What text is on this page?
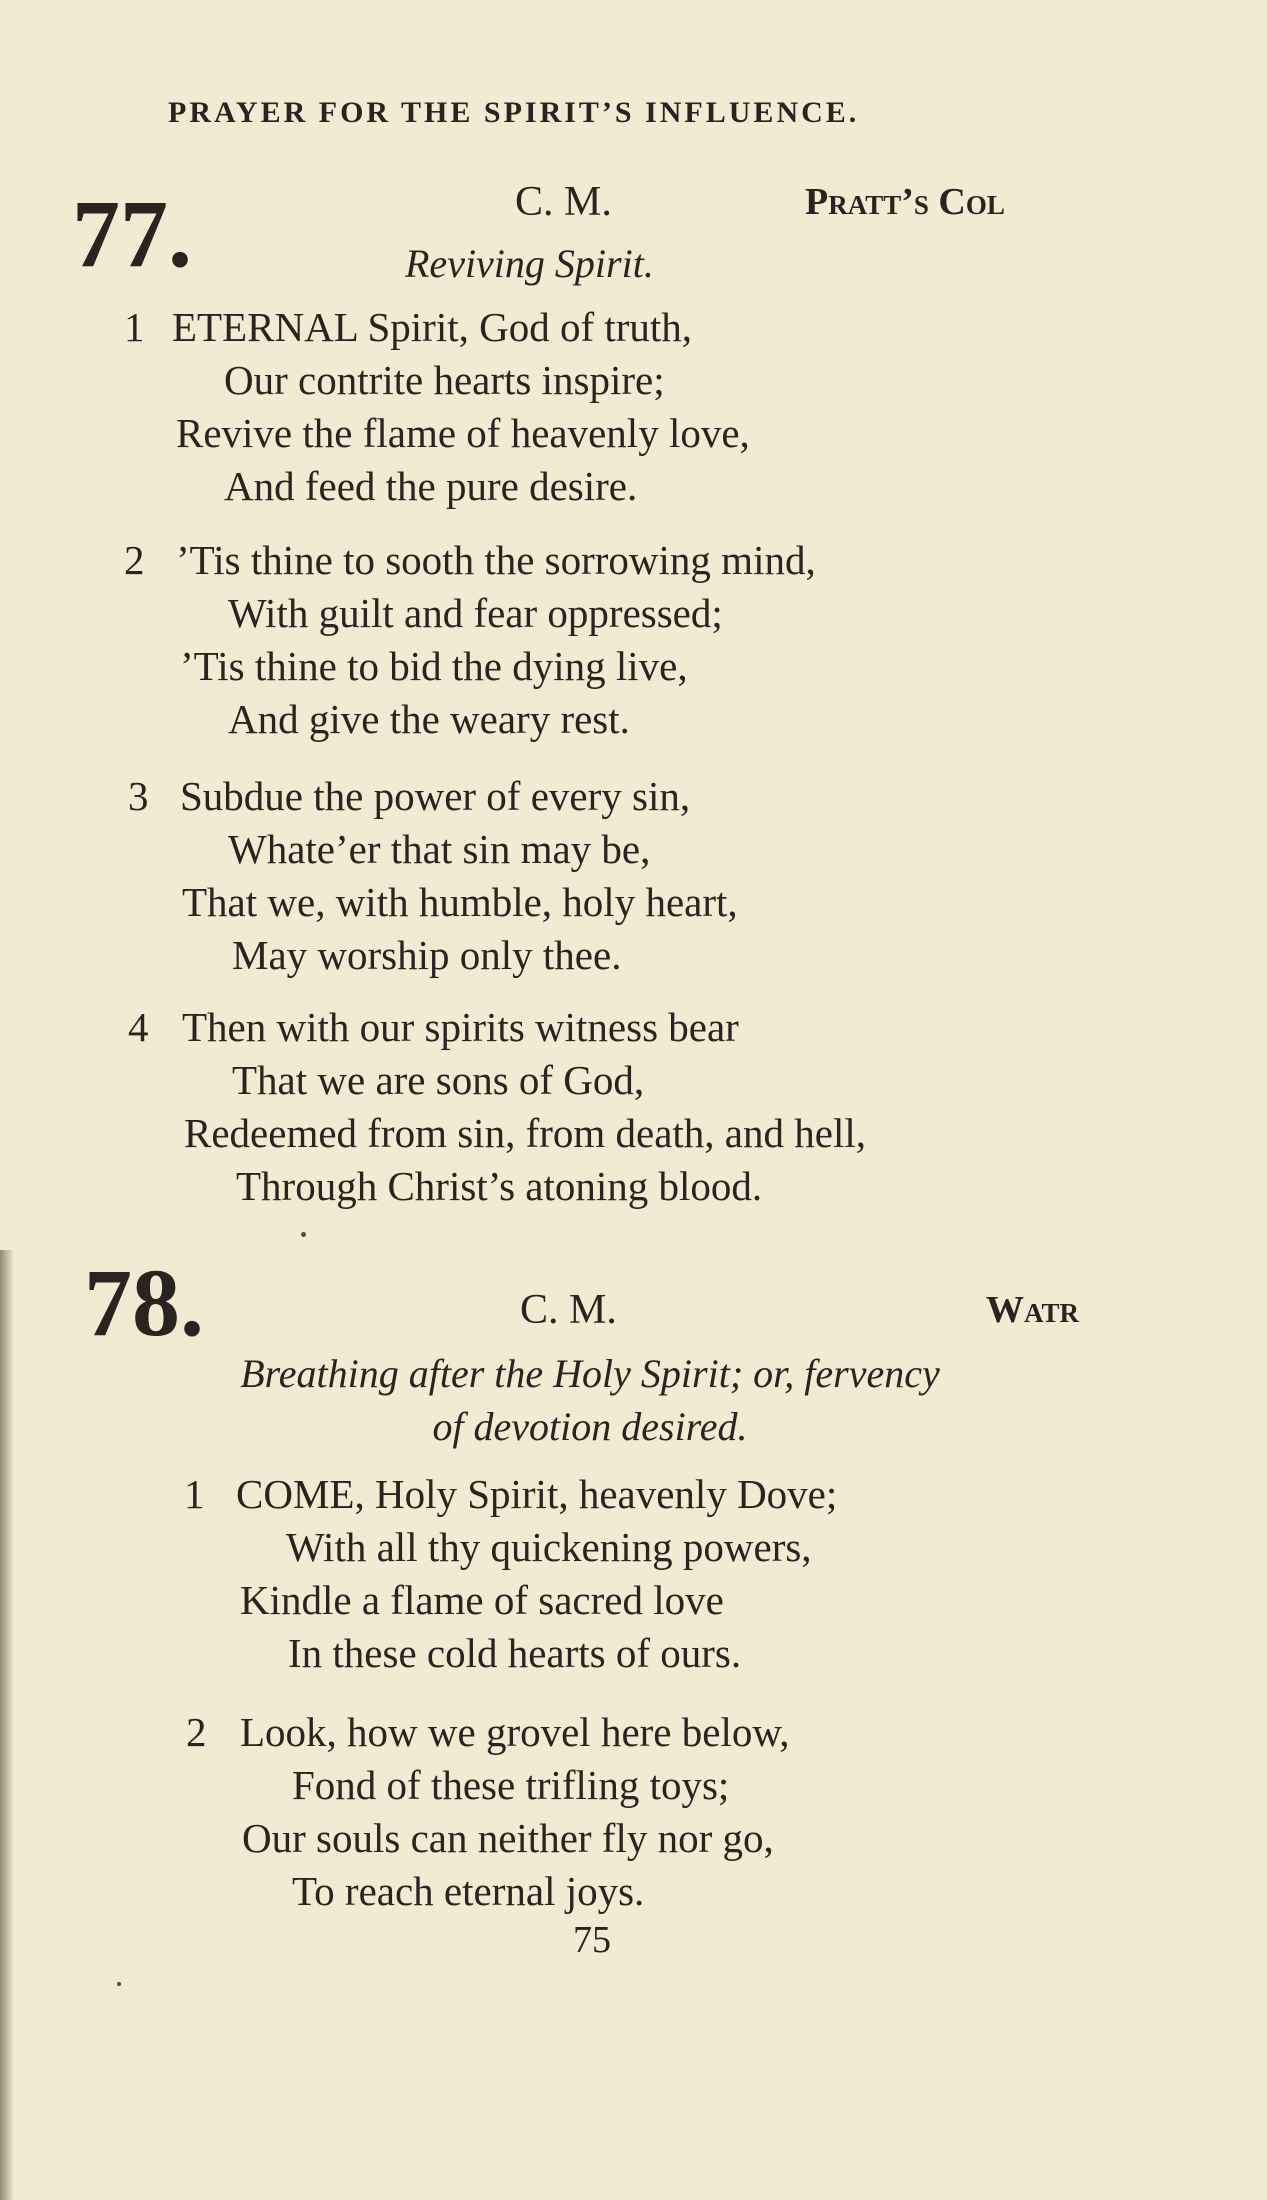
PRAYER FOR THE SPIRIT’S INFLUENCE.
77.	C. M.	Pratt’s Col
Reviving Spirit.
1 ETERNAL Spirit, God of truth,
Our contrite hearts inspire;
Revive the flame of heavenly love,
And feed the pure desire.
2 ’Tis thine to sooth the sorrowing mind,
With guilt and fear oppressed;
’Tis thine to bid the dying live,
And give the weary rest.
3 Subdue the power of every sin,
Whate’er that sin may be,
That we, with humble, holy heart,
May worship only thee.
4 Then with our spirits witness bear
That we are sons of God,
Redeemed from sin, from death, and hell,
Through Christ’s atoning blood.
78.	C. M.	Watr
Breathing after the Holy Spirit; or, fervency
of devotion desired.
1 COME, Holy Spirit, heavenly Dove;
With all thy quickening powers,
Kindle a flame of sacred love
In these cold hearts of ours.
2 Look, how we grovel here below,
Fond of these trifling toys;
Our souls can neither fly nor go,
To reach eternal joys.
75
